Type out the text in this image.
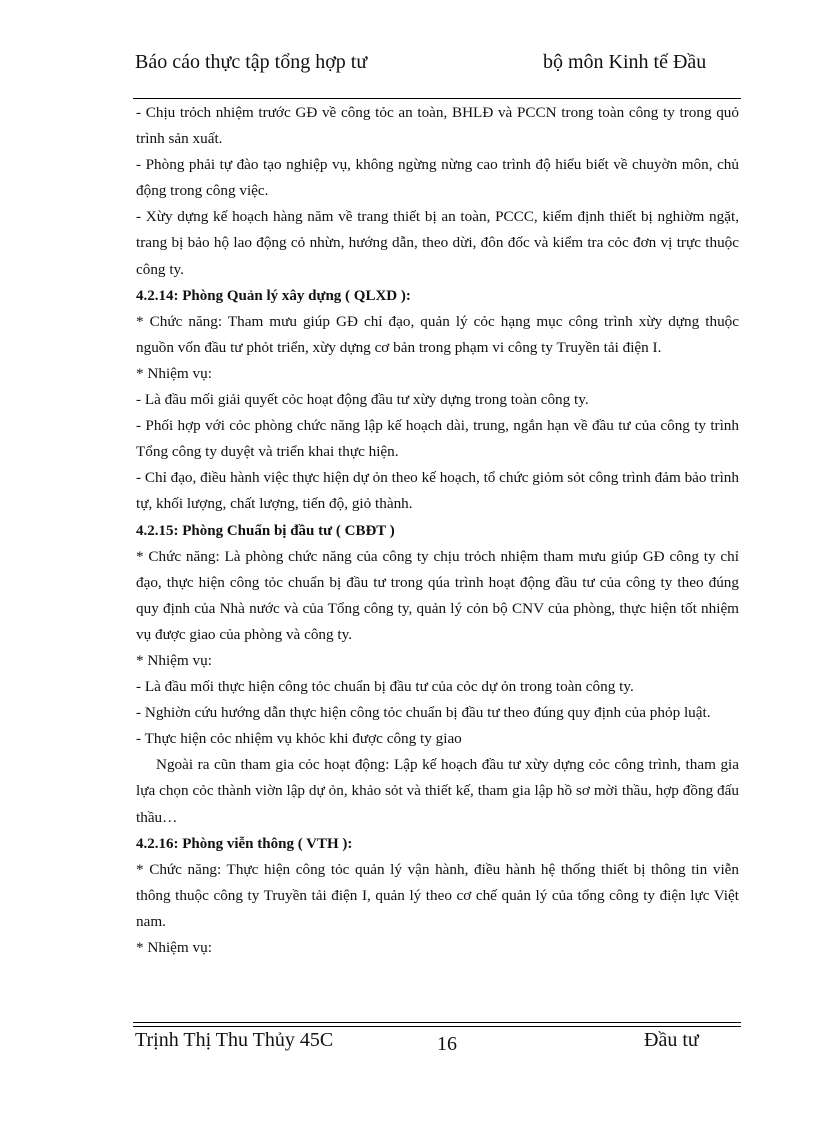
Báo cáo thực tập tổng hợp tư	bộ môn Kinh tế Đầu

- Chịu trỏch nhiệm trước GĐ về công tỏc an toàn, BHLĐ và PCCN trong toàn công ty trong quỏ trình sản xuất.

- Phòng phải tự đào tạo nghiệp vụ, không ngừng nừng cao trình độ hiểu biết về chuyờn môn, chủ động trong công việc.

- Xừy dựng kế hoạch hàng năm về trang thiết bị an toàn, PCCC, kiểm định thiết bị nghiờm ngặt, trang bị bảo hộ lao động cỏ nhừn, hướng dẫn, theo dừi, đôn đốc và kiểm tra cỏc đơn vị trực thuộc công ty.

4.2.14: Phòng Quản lý xây dựng ( QLXD ):

* Chức năng: Tham mưu giúp GĐ chỉ đạo, quản lý cỏc hạng mục công trình xừy dựng thuộc nguồn vốn đầu tư phỏt triển, xừy dựng cơ bản trong phạm vi công ty Truyền tải điện I.

* Nhiệm vụ:

- Là đầu mối giải quyết cỏc hoạt động đầu tư xừy dựng trong toàn công ty.

- Phối hợp với cỏc phòng chức năng lập kế hoạch dài, trung, ngắn hạn về đầu tư của công ty trình Tổng công ty duyệt và triển khai thực hiện.

- Chỉ đạo, điều hành việc thực hiện dự ỏn theo kế hoạch, tổ chức giỏm sỏt công trình đảm bảo trình tự, khối lượng, chất lượng, tiến độ, giỏ thành.

4.2.15: Phòng Chuẩn bị đầu tư ( CBĐT )

* Chức năng: Là phòng chức năng của công ty chịu trỏch nhiệm tham mưu giúp GĐ công ty chỉ đạo, thực hiện công tỏc chuẩn bị đầu tư trong qúa trình hoạt động đầu tư của công ty theo đúng quy định của Nhà nước và của Tổng công ty, quản lý cỏn bộ CNV của phòng, thực hiện tốt nhiệm vụ được giao của phòng và công ty.

* Nhiệm vụ:

- Là đầu mối thực hiện công tỏc chuẩn bị đầu tư của cỏc dự ỏn trong toàn công ty.

- Nghiờn cứu hướng dẫn thực hiện công tỏc chuẩn bị đầu tư theo đúng quy định của phỏp luật.

- Thực hiện cỏc nhiệm vụ khỏc khi được công ty giao

Ngoài ra cũn tham gia cỏc hoạt động: Lập kế hoạch đầu tư xừy dựng cỏc công trình, tham gia lựa chọn cỏc thành viờn lập dự ỏn, khảo sỏt và thiết kế, tham gia lập hồ sơ mời thầu, hợp đồng đấu thầu…

4.2.16: Phòng viễn thông ( VTH ):

* Chức năng: Thực hiện công tỏc quản lý vận hành, điều hành hệ thống thiết bị thông tin viễn thông thuộc công ty Truyền tải điện I, quản lý theo cơ chế quản lý của tổng công ty điện lực Việt nam.

* Nhiệm vụ:

Trịnh Thị Thu Thủy 45C	16	Đầu tư
